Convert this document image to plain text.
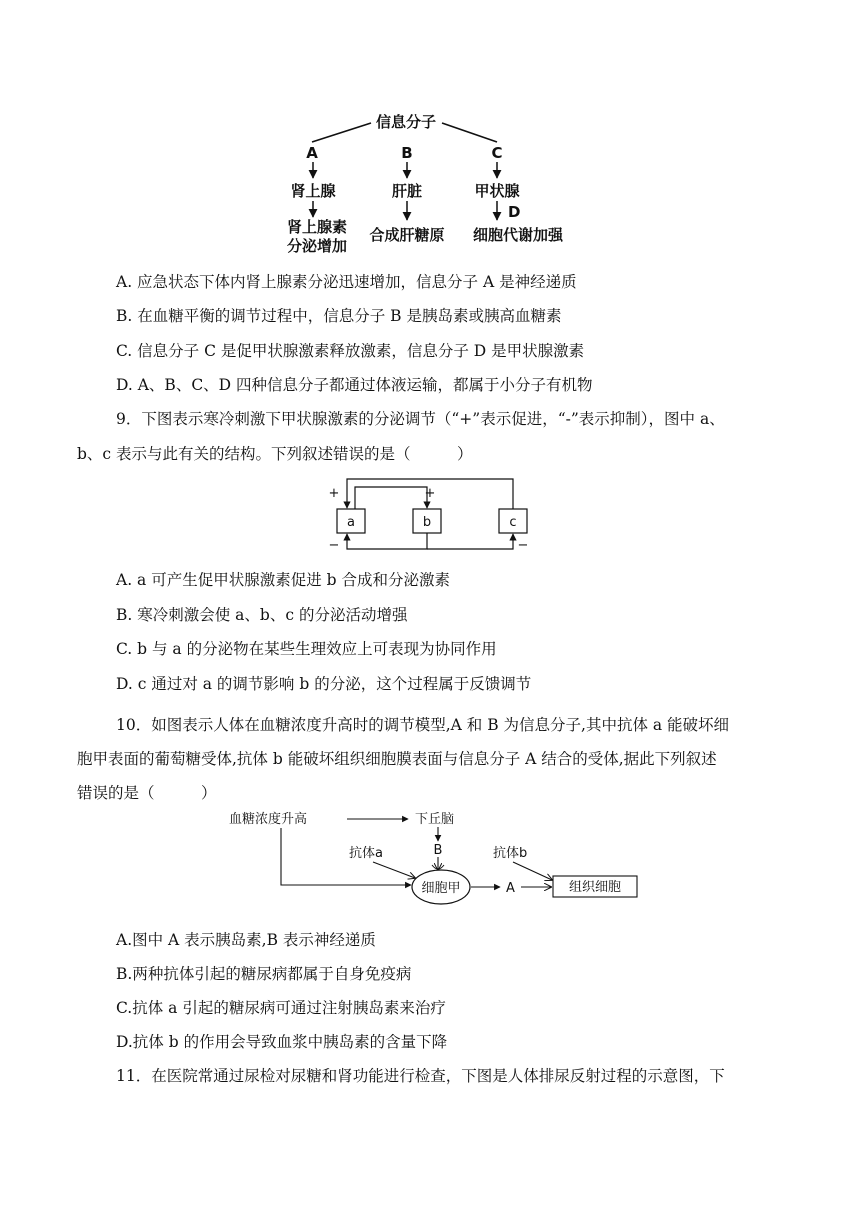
信息分子
A	B	C
肾上腺	肝脏	甲状腺
D
肾上腺素
分泌增加
合成肝糖原 细胞代谢加强
A. 应急状态下体内肾上腺素分泌迅速增加，信息分子 A 是神经递质
B. 在血糖平衡的调节过程中，信息分子 B 是胰岛素或胰高血糖素
C. 信息分子 C 是促甲状腺激素释放激素，信息分子 D 是甲状腺激素
D. A、B、C、D 四种信息分子都通过体液运输，都属于小分子有机物
9．下图表示寒冷刺激下甲状腺激素的分泌调节（“+”表示促进，“-”表示抑制），图中 a、
b、c 表示与此有关的结构。下列叙述错误的是（　　　）
a	b	c
+	+
−	−
A. a 可产生促甲状腺激素促进 b 合成和分泌激素
B. 寒冷刺激会使 a、b、c 的分泌活动增强
C. b 与 a 的分泌物在某些生理效应上可表现为协同作用
D. c 通过对 a 的调节影响 b 的分泌，这个过程属于反馈调节
10．如图表示人体在血糖浓度升高时的调节模型,A 和 B 为信息分子,其中抗体 a 能破坏细
胞甲表面的葡萄糖受体,抗体 b 能破坏组织细胞膜表面与信息分子 A 结合的受体,据此下列叙述
错误的是（　　　）
血糖浓度升高	下丘脑
B
抗体a
细胞甲	A
抗体b
组织细胞
A.图中 A 表示胰岛素,B 表示神经递质
B.两种抗体引起的糖尿病都属于自身免疫病
C.抗体 a 引起的糖尿病可通过注射胰岛素来治疗
D.抗体 b 的作用会导致血浆中胰岛素的含量下降
11．在医院常通过尿检对尿糖和肾功能进行检查，下图是人体排尿反射过程的示意图，下
